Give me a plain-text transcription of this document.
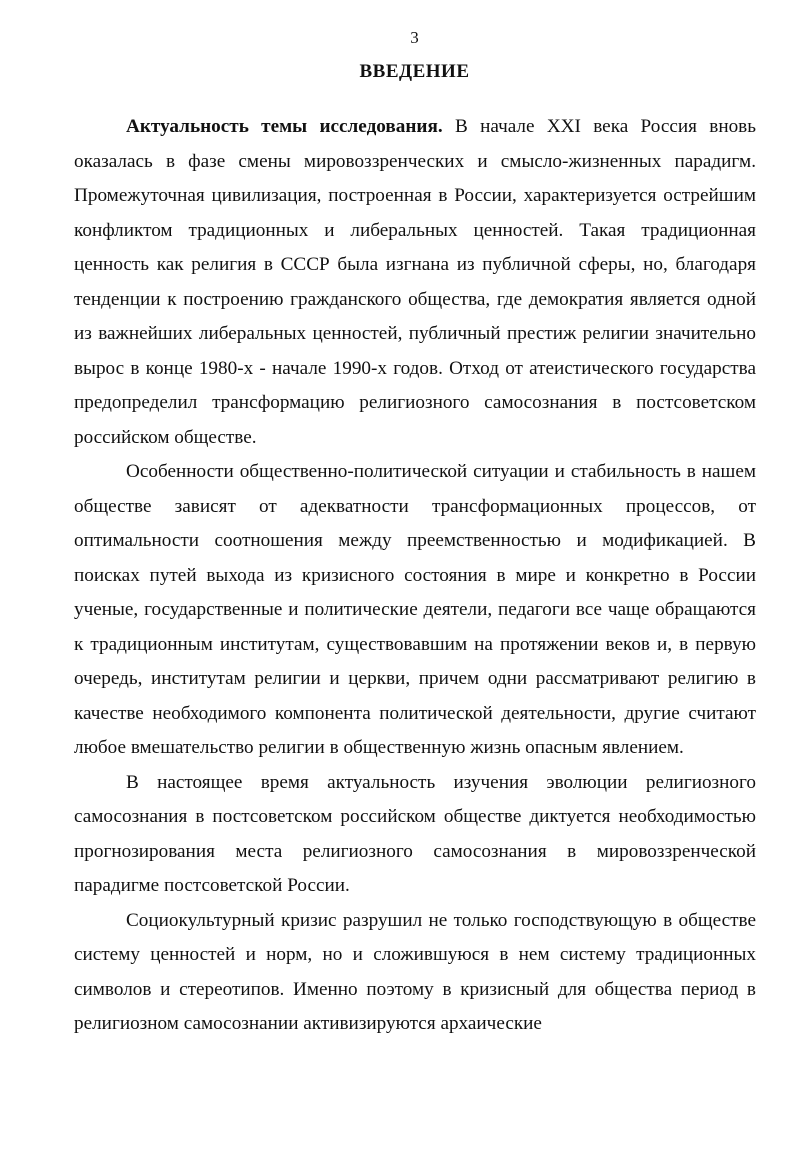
3
ВВЕДЕНИЕ

Актуальность темы исследования. В начале XXI века Россия вновь оказалась в фазе смены мировоззренческих и смысло-жизненных парадигм. Промежуточная цивилизация, построенная в России, характеризуется острейшим конфликтом традиционных и либеральных ценностей. Такая традиционная ценность как религия в СССР была изгнана из публичной сферы, но, благодаря тенденции к построению гражданского общества, где демократия является одной из важнейших либеральных ценностей, публичный престиж религии значительно вырос в конце 1980-х - начале 1990-х годов. Отход от атеистического государства предопределил трансформацию религиозного самосознания в постсоветском российском обществе.

Особенности общественно-политической ситуации и стабильность в нашем обществе зависят от адекватности трансформационных процессов, от оптимальности соотношения между преемственностью и модификацией. В поисках путей выхода из кризисного состояния в мире и конкретно в России ученые, государственные и политические деятели, педагоги все чаще обращаются к традиционным институтам, существовавшим на протяжении веков и, в первую очередь, институтам религии и церкви, причем одни рассматривают религию в качестве необходимого компонента политической деятельности, другие считают любое вмешательство религии в общественную жизнь опасным явлением.

В настоящее время актуальность изучения эволюции религиозного самосознания в постсоветском российском обществе диктуется необходимостью прогнозирования места религиозного самосознания в мировоззренческой парадигме постсоветской России.

Социокультурный кризис разрушил не только господствующую в обществе систему ценностей и норм, но и сложившуюся в нем систему традиционных символов и стереотипов. Именно поэтому в кризисный для общества период в религиозном самосознании активизируются архаические
